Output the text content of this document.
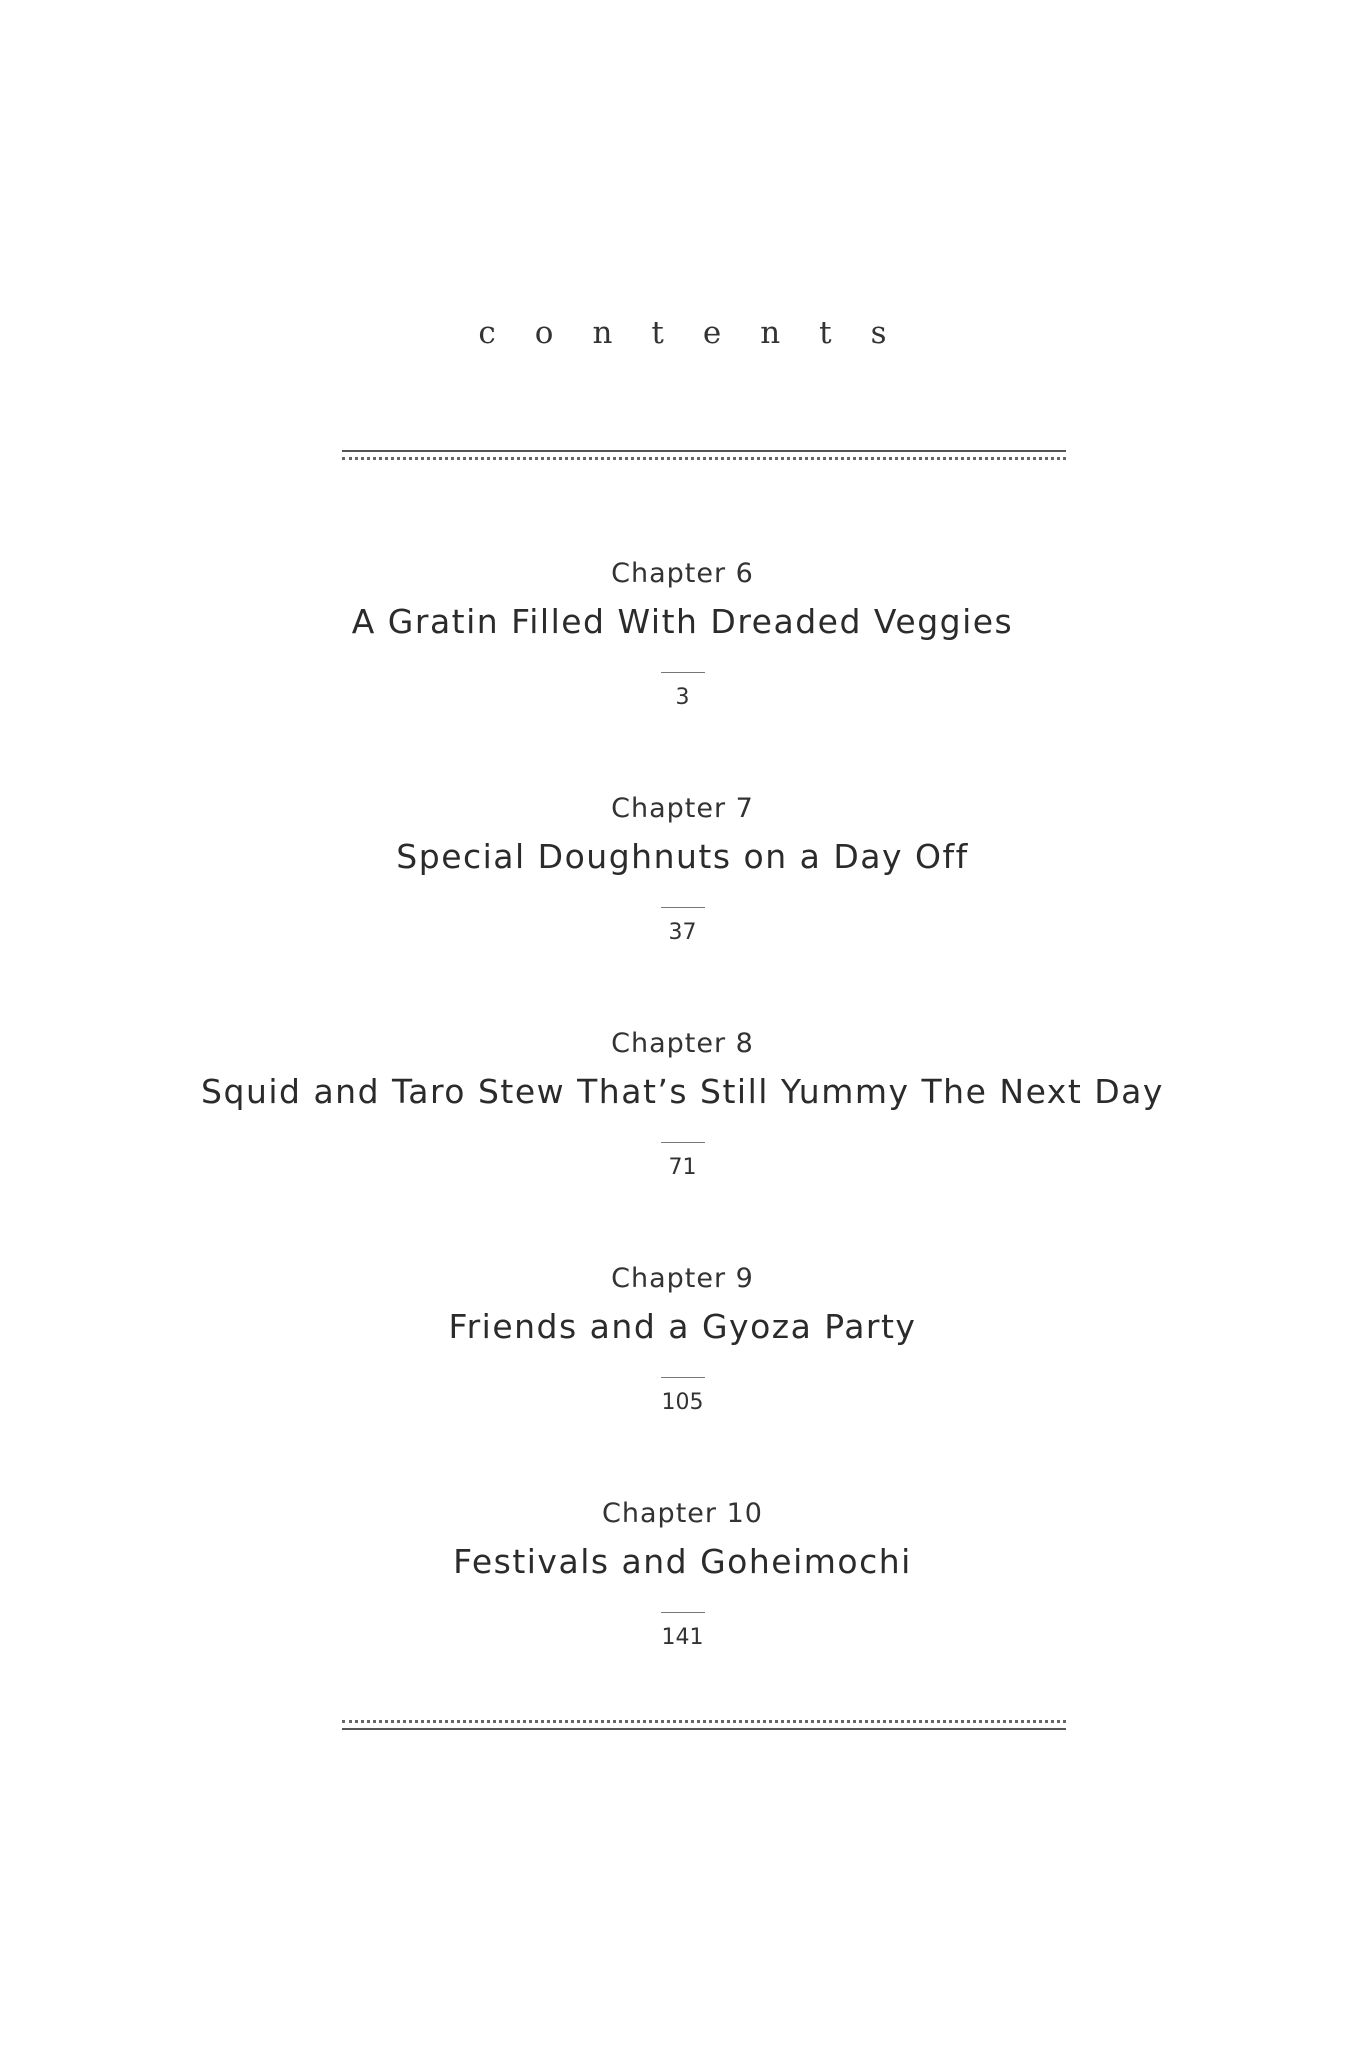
contents
Chapter 6
A Gratin Filled With Dreaded Veggies
3
Chapter 7
Special Doughnuts on a Day Off
37
Chapter 8
Squid and Taro Stew That’s Still Yummy The Next Day
71
Chapter 9
Friends and a Gyoza Party
105
Chapter 10
Festivals and Goheimochi
141
